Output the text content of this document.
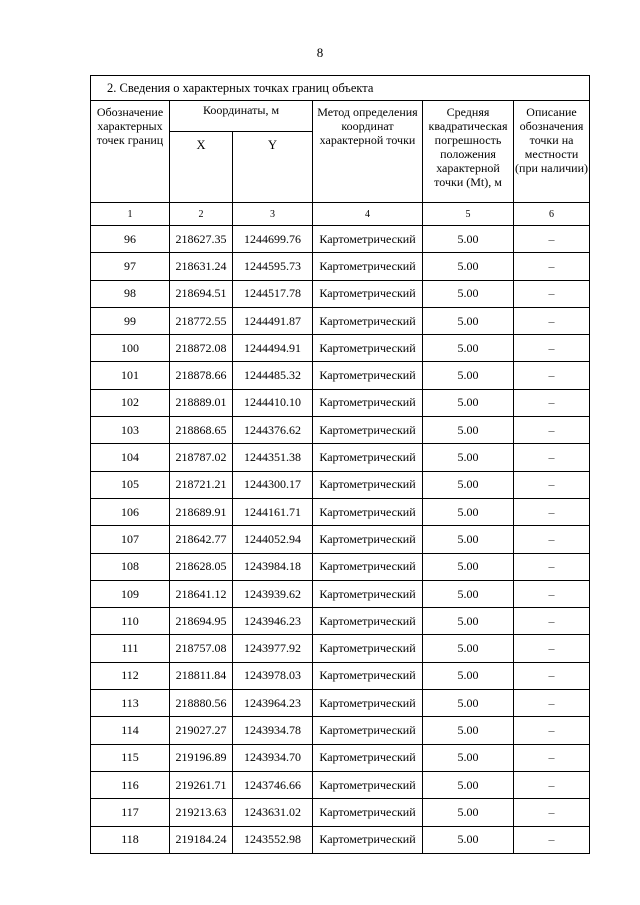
8
2. Сведения о характерных точках границ объекта					
Обозначение характерных точек границ	Координаты, м		Метод определения координат характерной точки	Средняя квадратическая погрешность положения характерной точки (Mt), м	Описание обозначения точки на местности (при наличии)
	X	Y			
1	2	3	4	5	6
96	218627.35	1244699.76	Картометрический	5.00	–
97	218631.24	1244595.73	Картометрический	5.00	–
98	218694.51	1244517.78	Картометрический	5.00	–
99	218772.55	1244491.87	Картометрический	5.00	–
100	218872.08	1244494.91	Картометрический	5.00	–
101	218878.66	1244485.32	Картометрический	5.00	–
102	218889.01	1244410.10	Картометрический	5.00	–
103	218868.65	1244376.62	Картометрический	5.00	–
104	218787.02	1244351.38	Картометрический	5.00	–
105	218721.21	1244300.17	Картометрический	5.00	–
106	218689.91	1244161.71	Картометрический	5.00	–
107	218642.77	1244052.94	Картометрический	5.00	–
108	218628.05	1243984.18	Картометрический	5.00	–
109	218641.12	1243939.62	Картометрический	5.00	–
110	218694.95	1243946.23	Картометрический	5.00	–
111	218757.08	1243977.92	Картометрический	5.00	–
112	218811.84	1243978.03	Картометрический	5.00	–
113	218880.56	1243964.23	Картометрический	5.00	–
114	219027.27	1243934.78	Картометрический	5.00	–
115	219196.89	1243934.70	Картометрический	5.00	–
116	219261.71	1243746.66	Картометрический	5.00	–
117	219213.63	1243631.02	Картометрический	5.00	–
118	219184.24	1243552.98	Картометрический	5.00	–
